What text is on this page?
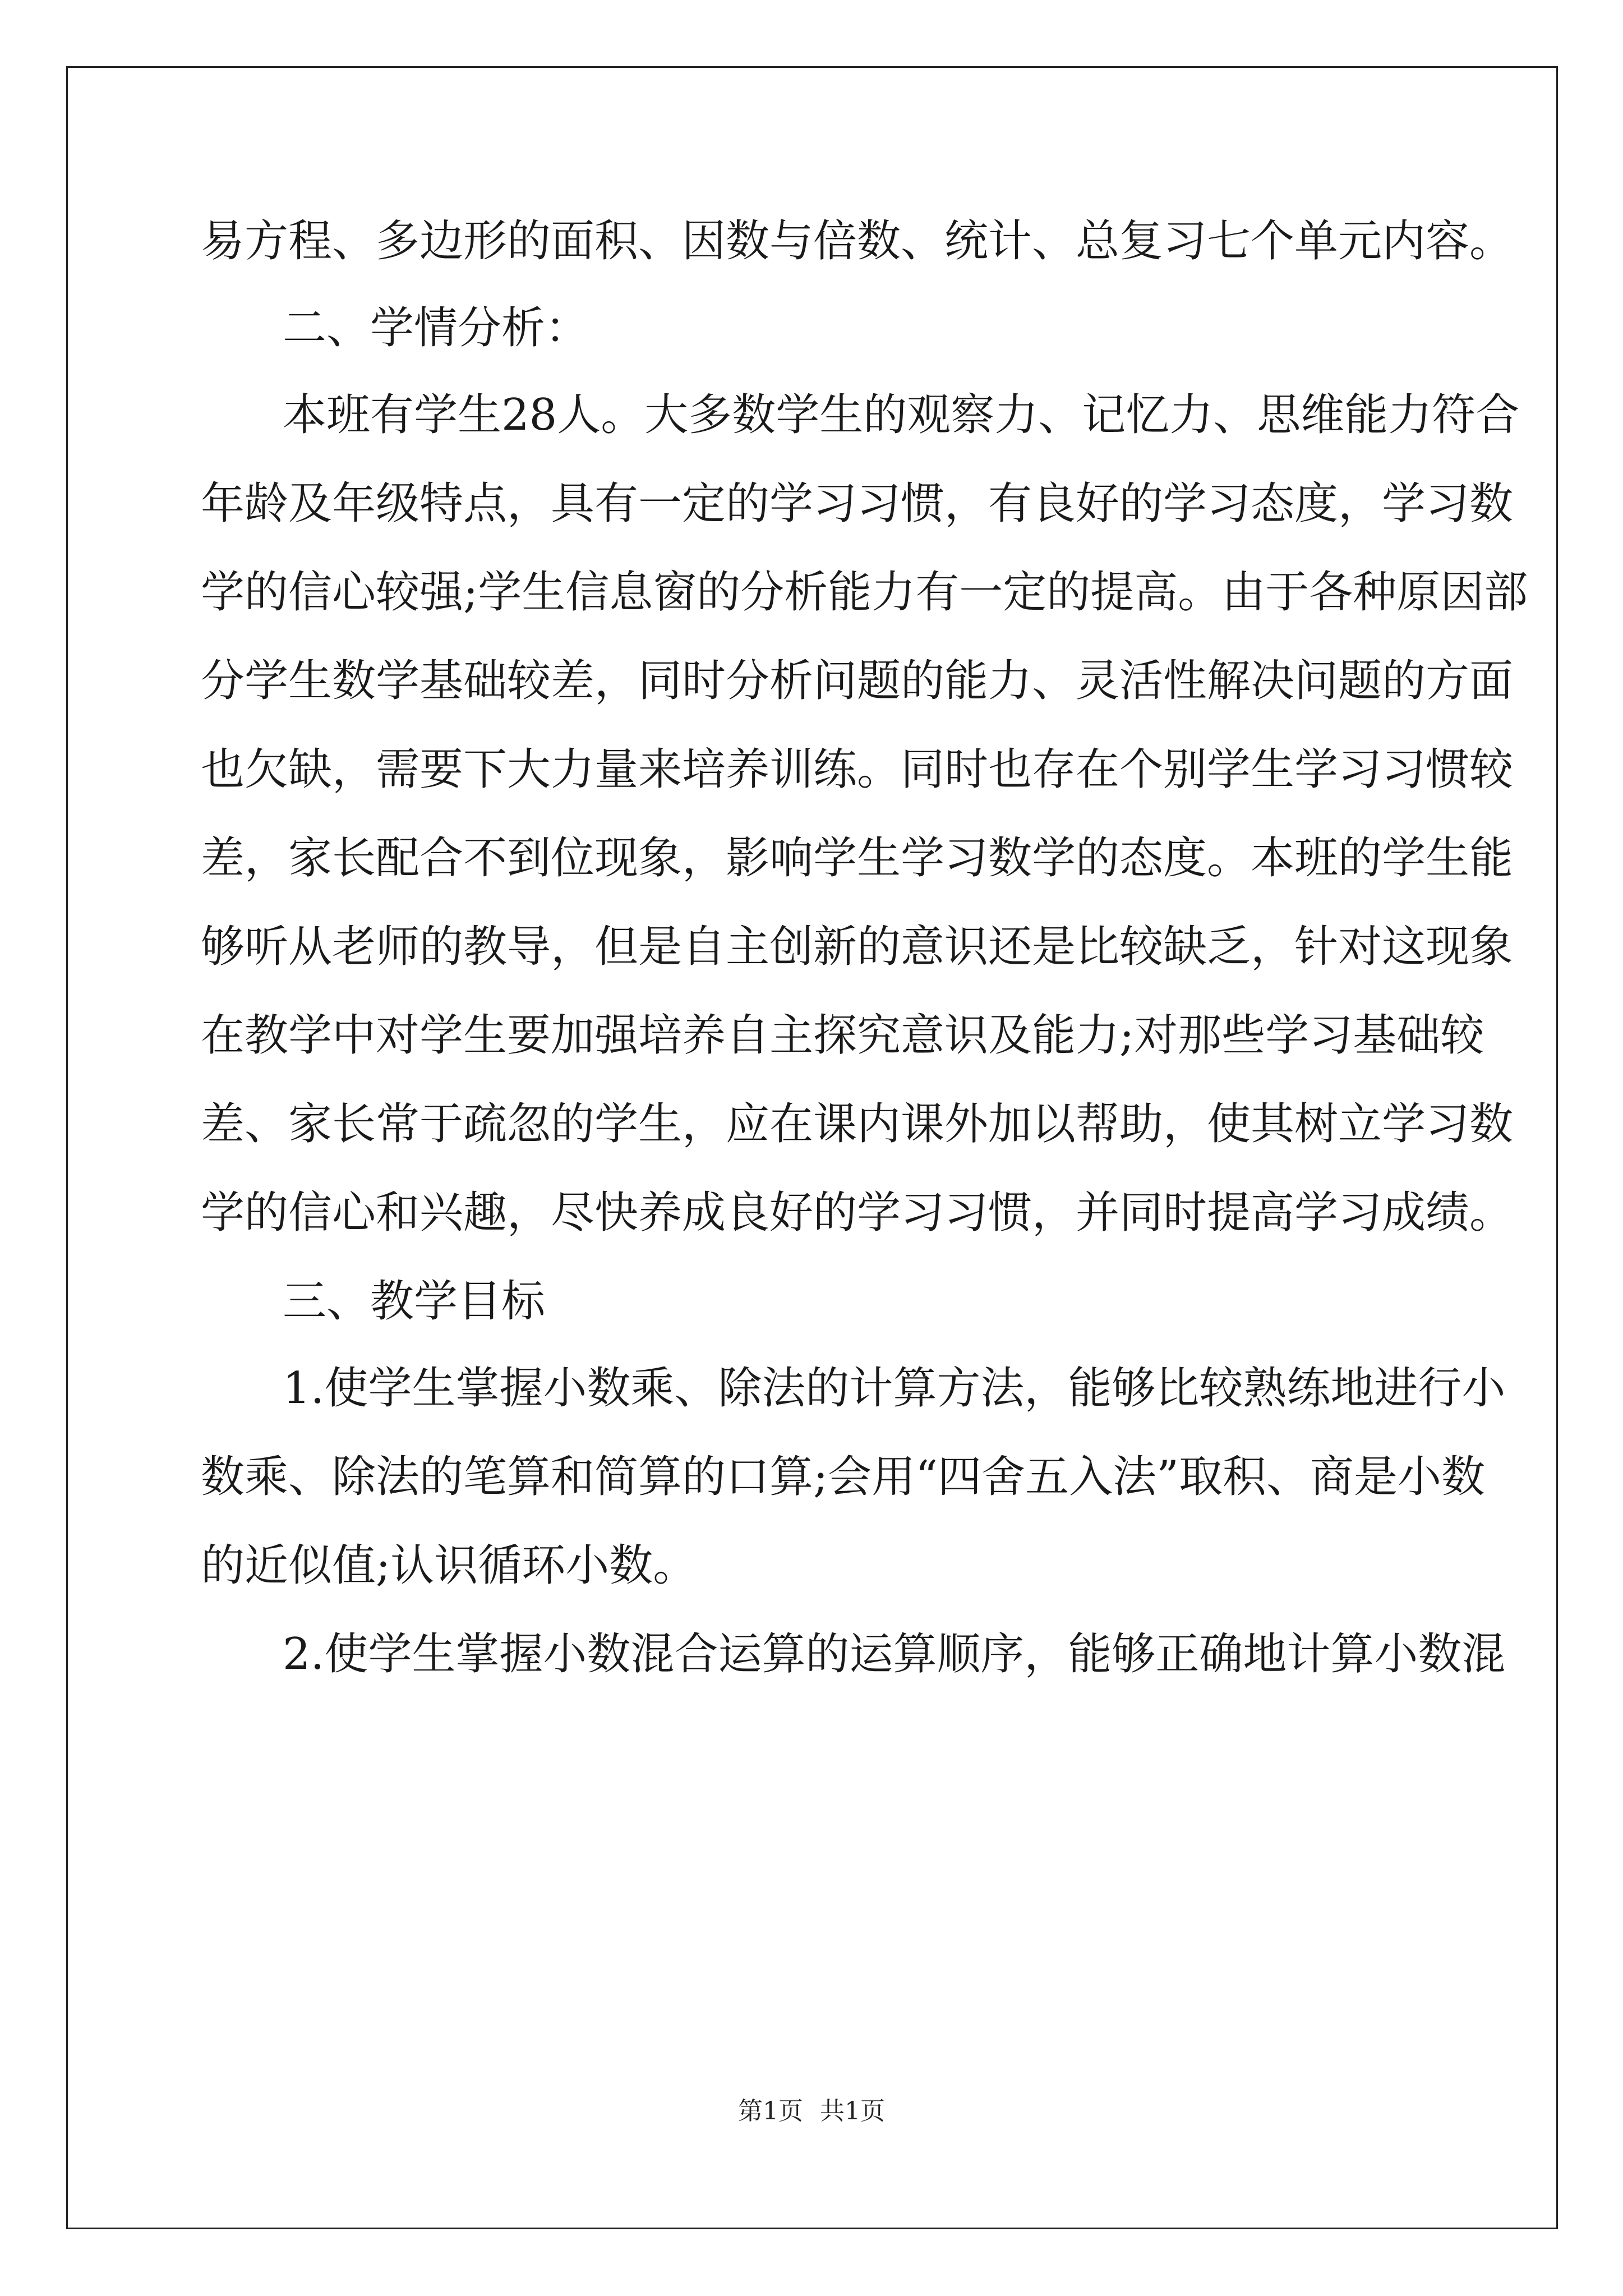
易方程、多边形的面积、因数与倍数、统计、总复习七个单元内容。
二、学情分析：
本班有学生28人。大多数学生的观察力、记忆力、思维能力符合
年龄及年级特点，具有一定的学习习惯，有良好的学习态度，学习数
学的信心较强;学生信息窗的分析能力有一定的提高。由于各种原因部
分学生数学基础较差，同时分析问题的能力、灵活性解决问题的方面
也欠缺，需要下大力量来培养训练。同时也存在个别学生学习习惯较
差，家长配合不到位现象，影响学生学习数学的态度。本班的学生能
够听从老师的教导，但是自主创新的意识还是比较缺乏，针对这现象
在教学中对学生要加强培养自主探究意识及能力;对那些学习基础较
差、家长常于疏忽的学生，应在课内课外加以帮助，使其树立学习数
学的信心和兴趣，尽快养成良好的学习习惯，并同时提高学习成绩。
三、教学目标
1.使学生掌握小数乘、除法的计算方法，能够比较熟练地进行小
数乘、除法的笔算和简算的口算;会用“四舍五入法”取积、商是小数
的近似值;认识循环小数。
2.使学生掌握小数混合运算的运算顺序，能够正确地计算小数混
第1页 共1页
